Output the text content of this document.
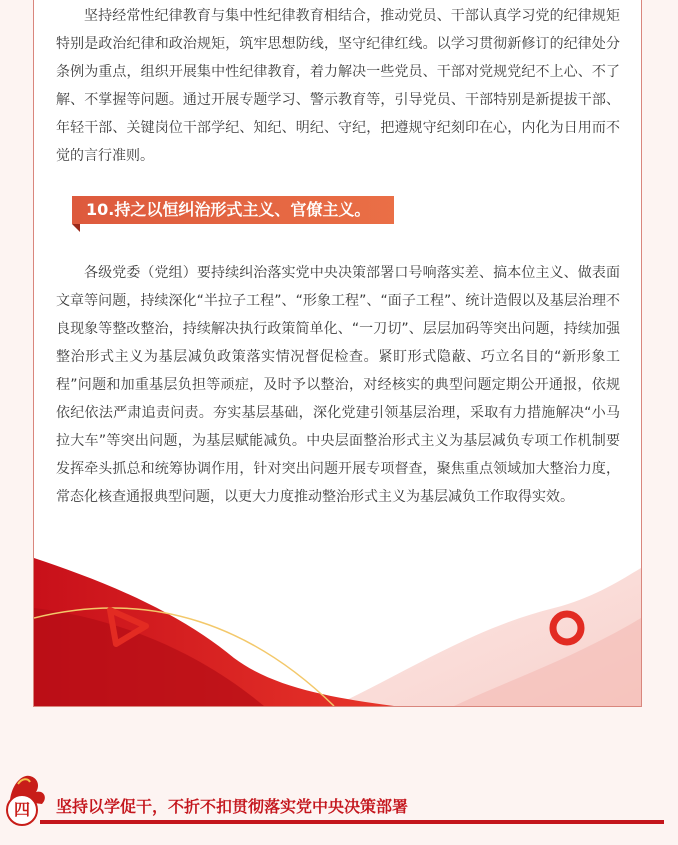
坚持经常性纪律教育与集中性纪律教育相结合，推动党员、干部认真学习党的纪律规矩特别是政治纪律和政治规矩，筑牢思想防线，坚守纪律红线。以学习贯彻新修订的纪律处分条例为重点，组织开展集中性纪律教育，着力解决一些党员、干部对党规党纪不上心、不了解、不掌握等问题。通过开展专题学习、警示教育等，引导党员、干部特别是新提拔干部、年轻干部、关键岗位干部学纪、知纪、明纪、守纪，把遵规守纪刻印在心，内化为日用而不觉的言行准则。

10.持之以恒纠治形式主义、官僚主义。

各级党委（党组）要持续纠治落实党中央决策部署口号响落实差、搞本位主义、做表面文章等问题，持续深化“半拉子工程”、“形象工程”、“面子工程”、统计造假以及基层治理不良现象等整改整治，持续解决执行政策简单化、“一刀切”、层层加码等突出问题，持续加强整治形式主义为基层减负政策落实情况督促检查。紧盯形式隐蔽、巧立名目的“新形象工程”问题和加重基层负担等顽症，及时予以整治，对经核实的典型问题定期公开通报，依规依纪依法严肃追责问责。夯实基层基础，深化党建引领基层治理，采取有力措施解决“小马拉大车”等突出问题，为基层赋能减负。中央层面整治形式主义为基层减负专项工作机制要发挥牵头抓总和统筹协调作用，针对突出问题开展专项督查，聚焦重点领域加大整治力度，常态化核查通报典型问题，以更大力度推动整治形式主义为基层减负工作取得实效。

四	坚持以学促干，不折不扣贯彻落实党中央决策部署
